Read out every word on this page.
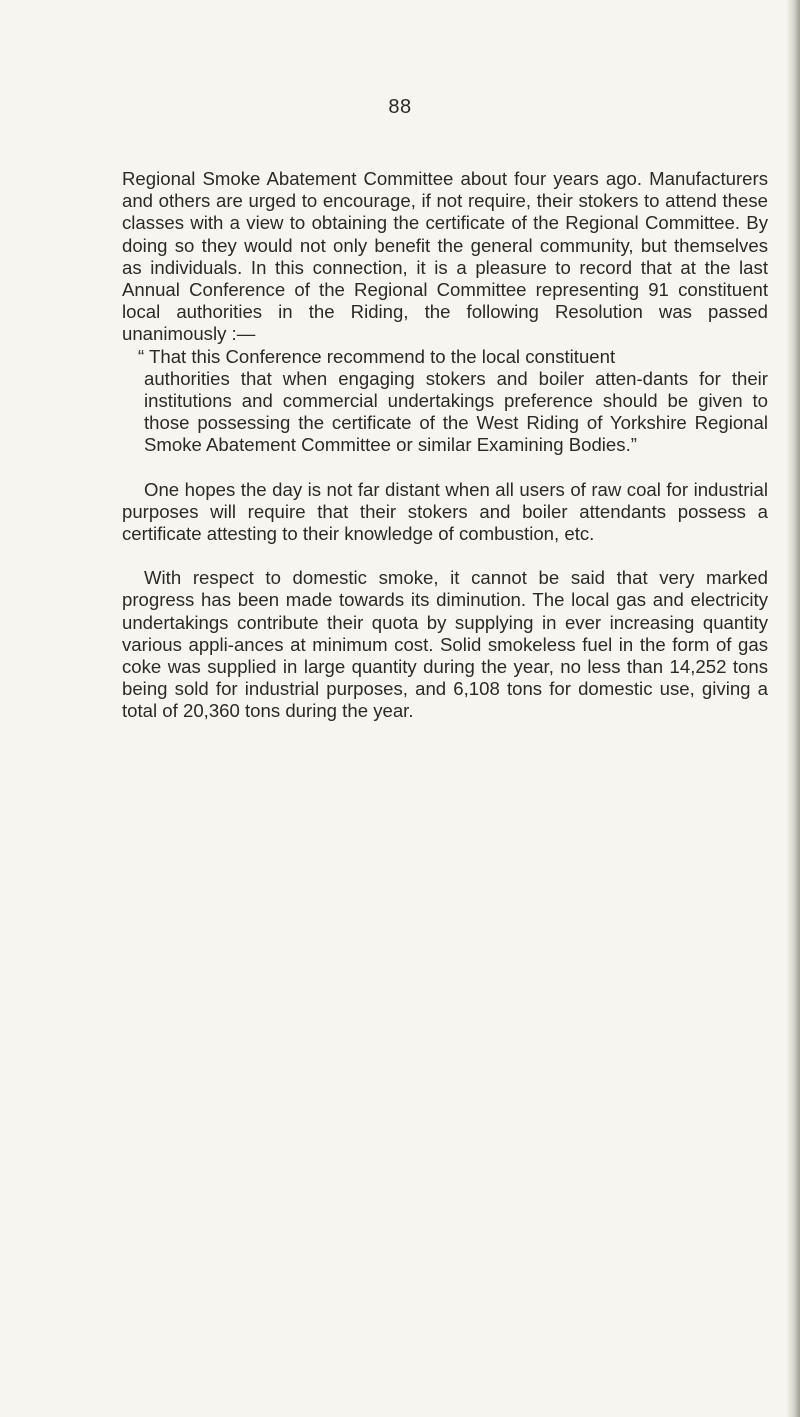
88

Regional Smoke Abatement Committee about four years ago. Manufacturers and others are urged to encourage, if not require, their stokers to attend these classes with a view to obtaining the certificate of the Regional Committee. By doing so they would not only benefit the general community, but themselves as individuals. In this connection, it is a pleasure to record that at the last Annual Conference of the Regional Committee representing 91 constituent local authorities in the Riding, the following Resolution was passed unanimously :—

“ That this Conference recommend to the local constituent

authorities that when engaging stokers and boiler atten-dants for their institutions and commercial undertakings preference should be given to those possessing the certificate of the West Riding of Yorkshire Regional Smoke Abatement Committee or similar Examining Bodies.”

One hopes the day is not far distant when all users of raw coal for industrial purposes will require that their stokers and boiler attendants possess a certificate attesting to their knowledge of combustion, etc.

With respect to domestic smoke, it cannot be said that very marked progress has been made towards its diminution. The local gas and electricity undertakings contribute their quota by supplying in ever increasing quantity various appli-ances at minimum cost. Solid smokeless fuel in the form of gas coke was supplied in large quantity during the year, no less than 14,252 tons being sold for industrial purposes, and 6,108 tons for domestic use, giving a total of 20,360 tons during the year.
